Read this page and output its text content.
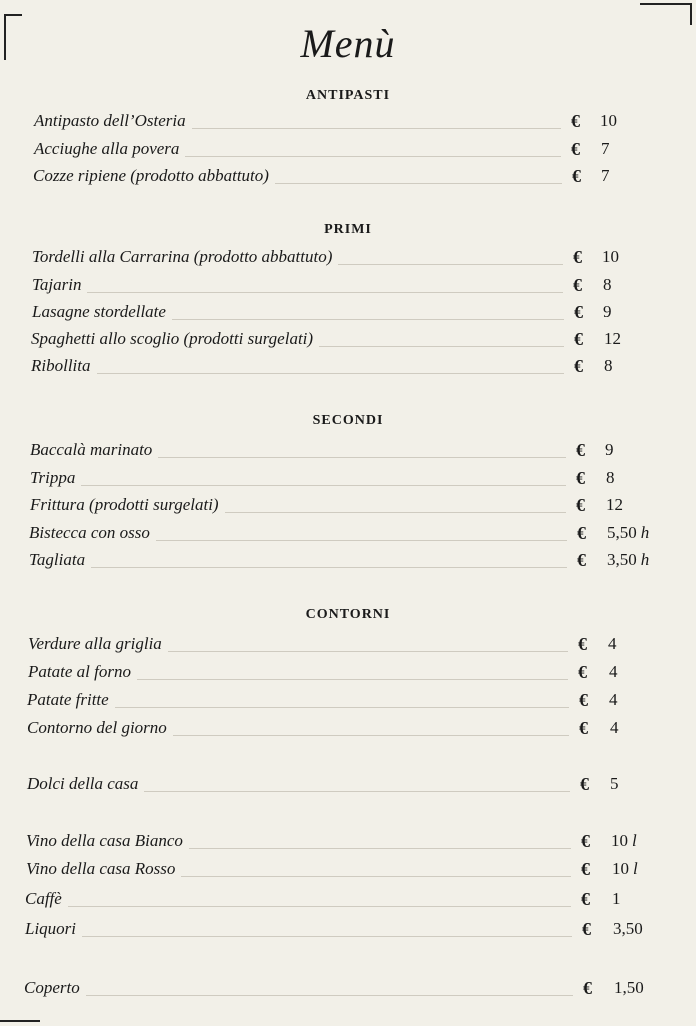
Menù
ANTIPASTI
Antipasto dell’Osteria	€ 10
Acciughe alla povera	€ 7
Cozze ripiene (prodotto abbattuto)	€ 7
PRIMI
Tordelli alla Carrarina (prodotto abbattuto)	€ 10
Tajarin	€ 8
Lasagne stordellate	€ 9
Spaghetti allo scoglio (prodotti surgelati)	€ 12
Ribollita	€ 8
SECONDI
Baccalà marinato	€ 9
Trippa	€ 8
Frittura (prodotti surgelati)	€ 12
Bistecca con osso	€ 5,50 h
Tagliata	€ 3,50 h
CONTORNI
Verdure alla griglia	€ 4
Patate al forno	€ 4
Patate fritte	€ 4
Contorno del giorno	€ 4
Dolci della casa	€ 5
Vino della casa Bianco	€ 10 l
Vino della casa Rosso	€ 10 l
Caffè	€ 1
Liquori	€ 3,50
Coperto	€ 1,50
